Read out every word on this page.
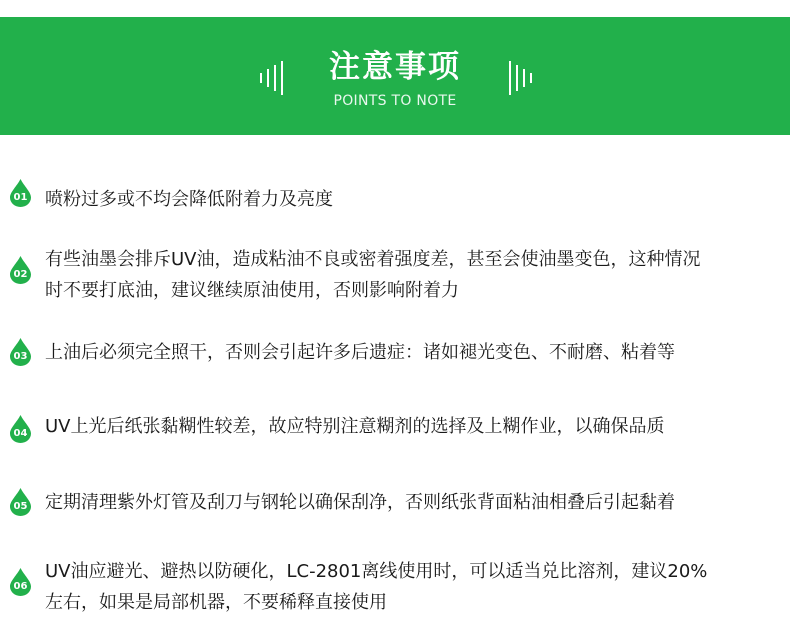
注意事项
POINTS TO NOTE
01 喷粉过多或不均会降低附着力及亮度
02
有些油墨会排斥UV油，造成粘油不良或密着强度差，甚至会使油墨变色，这种情况
时不要打底油，建议继续原油使用，否则影响附着力
03 上油后必须完全照干，否则会引起许多后遗症：诸如褪光变色、不耐磨、粘着等
04 UV上光后纸张黏糊性较差，故应特别注意糊剂的选择及上糊作业，以确保品质
05 定期清理紫外灯管及刮刀与钢轮以确保刮净，否则纸张背面粘油相叠后引起黏着
06
UV油应避光、避热以防硬化，LC-2801离线使用时，可以适当兑比溶剂，建议20%
左右，如果是局部机器，不要稀释直接使用
